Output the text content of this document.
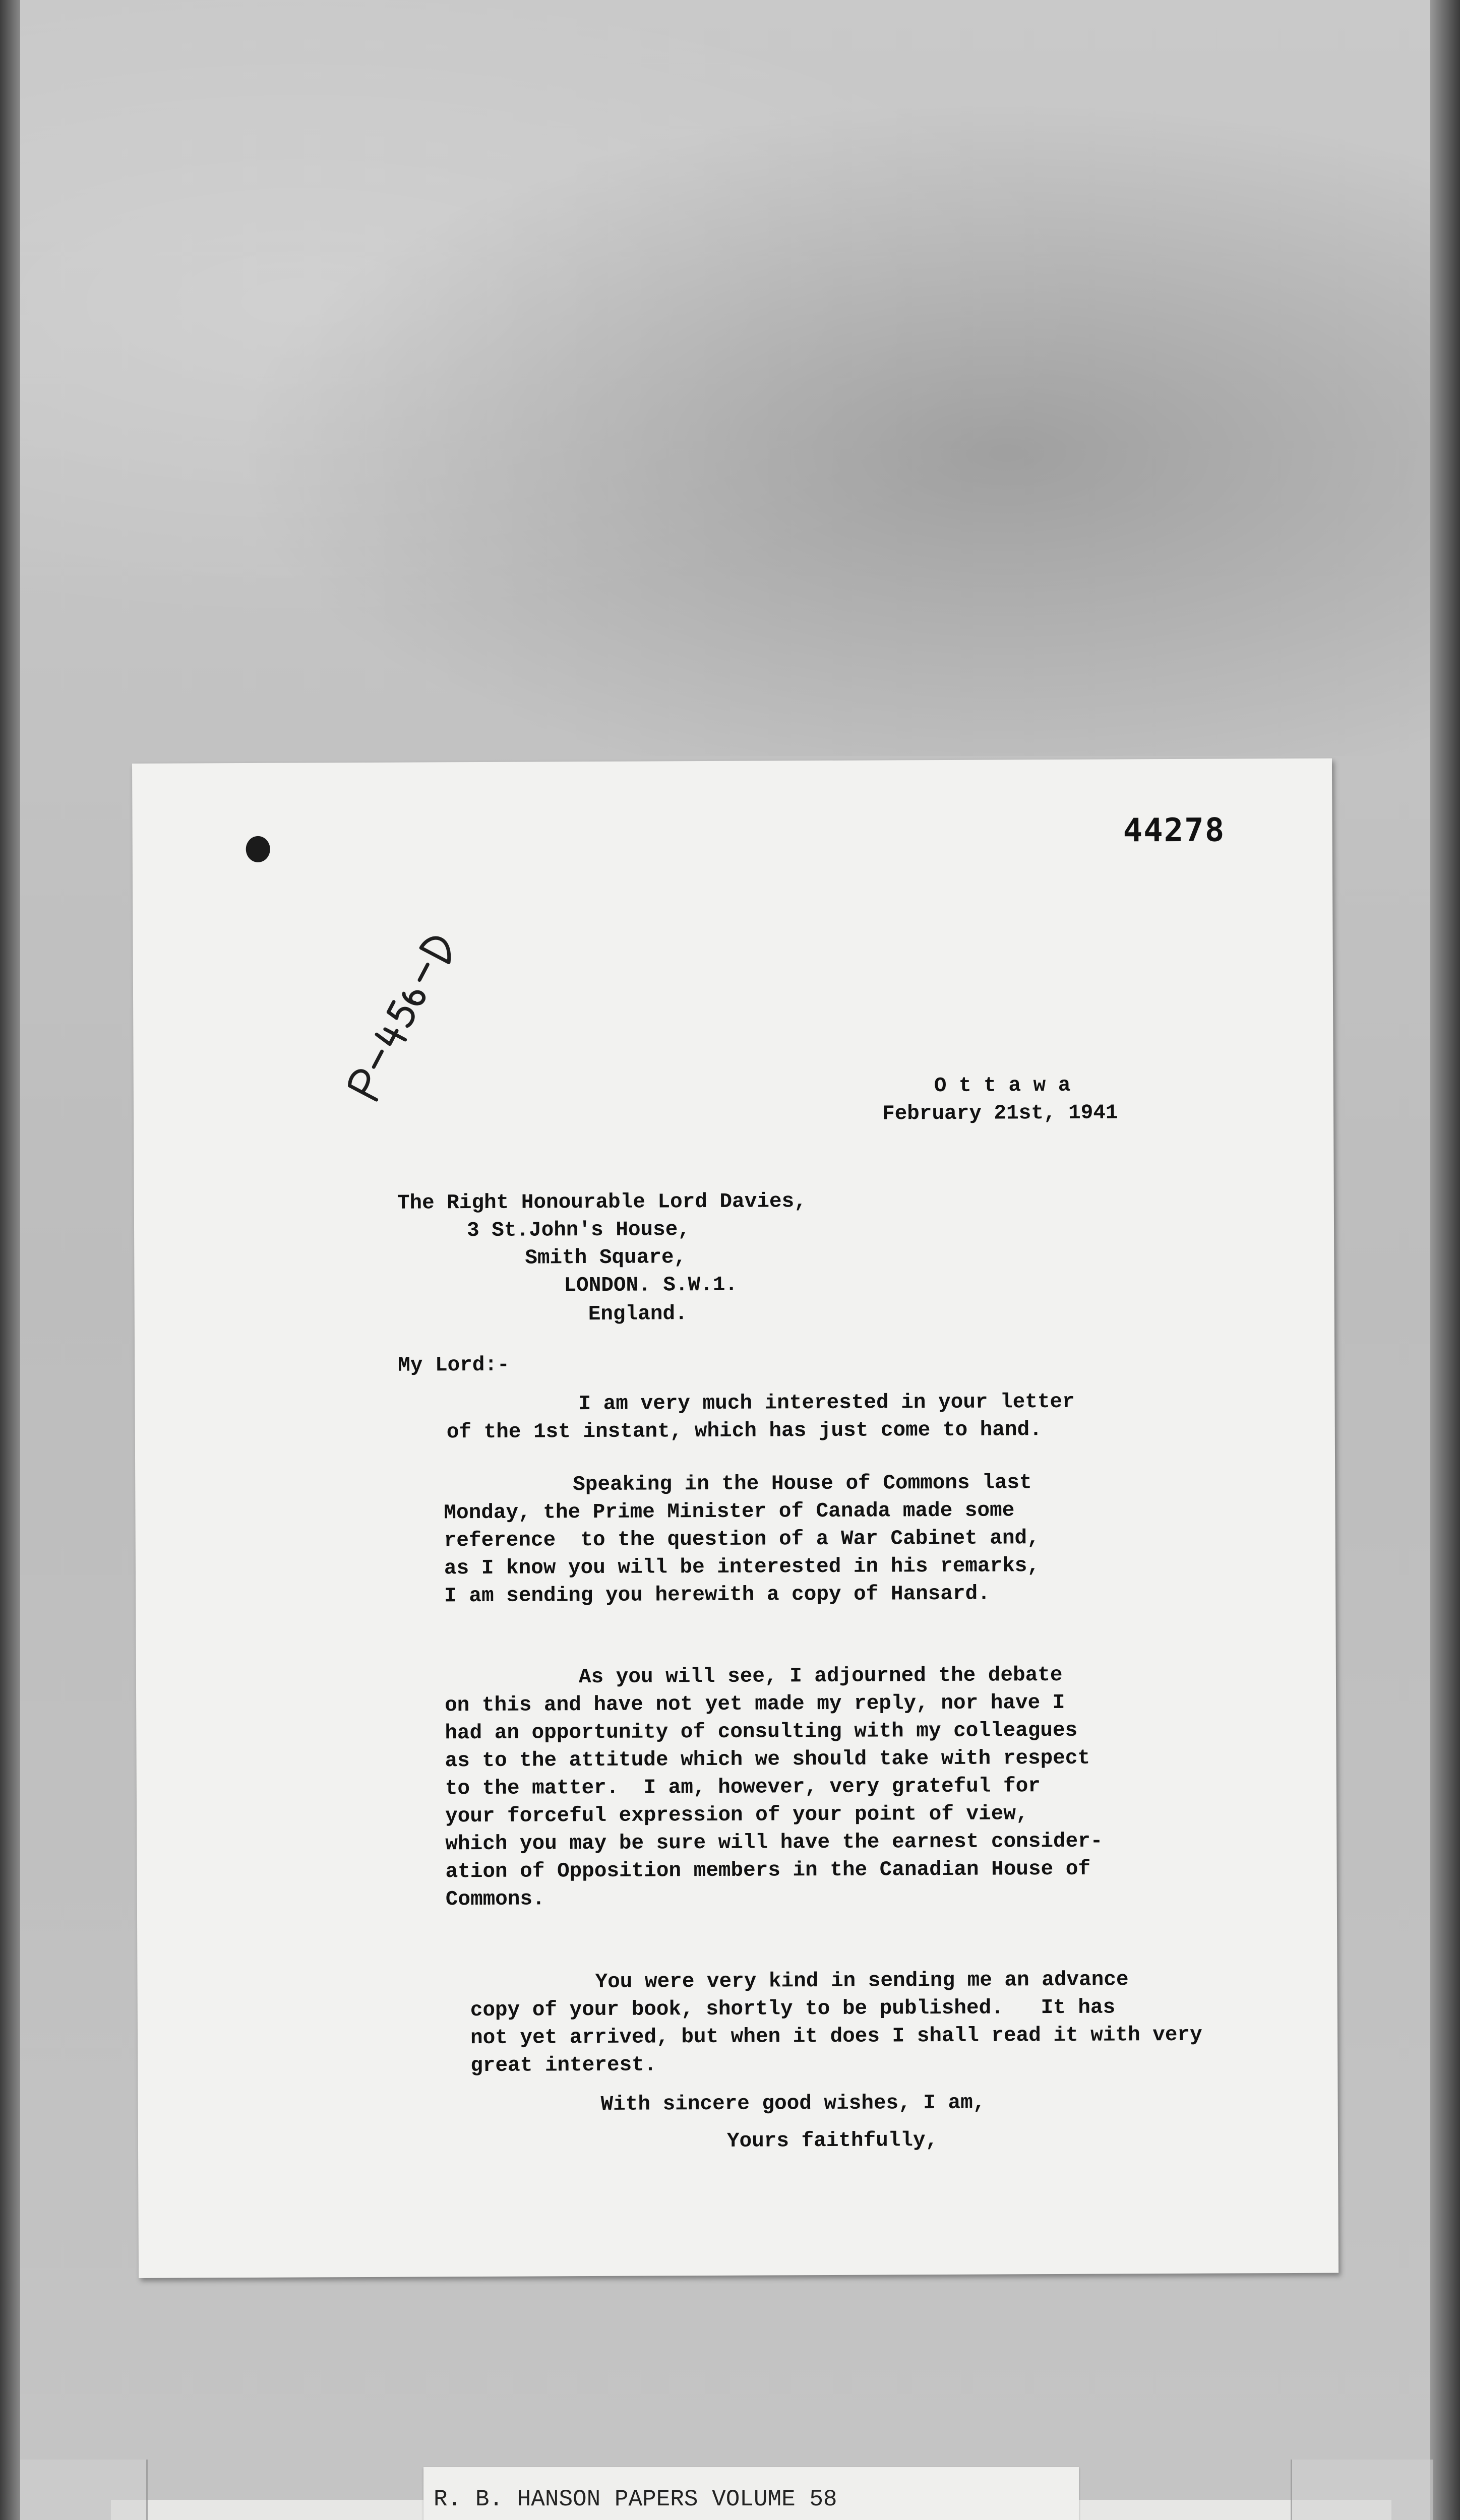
44278
O t t a w a
February 21st, 1941
The Right Honourable Lord Davies,
3 St.John's House,
Smith Square,
LONDON. S.W.1.
England.
My Lord:-
I am very much interested in your letter
of the 1st instant, which has just come to hand.
Speaking in the House of Commons last
Monday, the Prime Minister of Canada made some
reference  to the question of a War Cabinet and,
as I know you will be interested in his remarks,
I am sending you herewith a copy of Hansard.
As you will see, I adjourned the debate
on this and have not yet made my reply, nor have I
had an opportunity of consulting with my colleagues
as to the attitude which we should take with respect
to the matter.  I am, however, very grateful for
your forceful expression of your point of view,
which you may be sure will have the earnest consider-
ation of Opposition members in the Canadian House of
Commons.
You were very kind in sending me an advance
copy of your book, shortly to be published.   It has
not yet arrived, but when it does I shall read it with very
great interest.
With sincere good wishes, I am,
Yours faithfully,
R. B. HANSON PAPERS VOLUME 58
